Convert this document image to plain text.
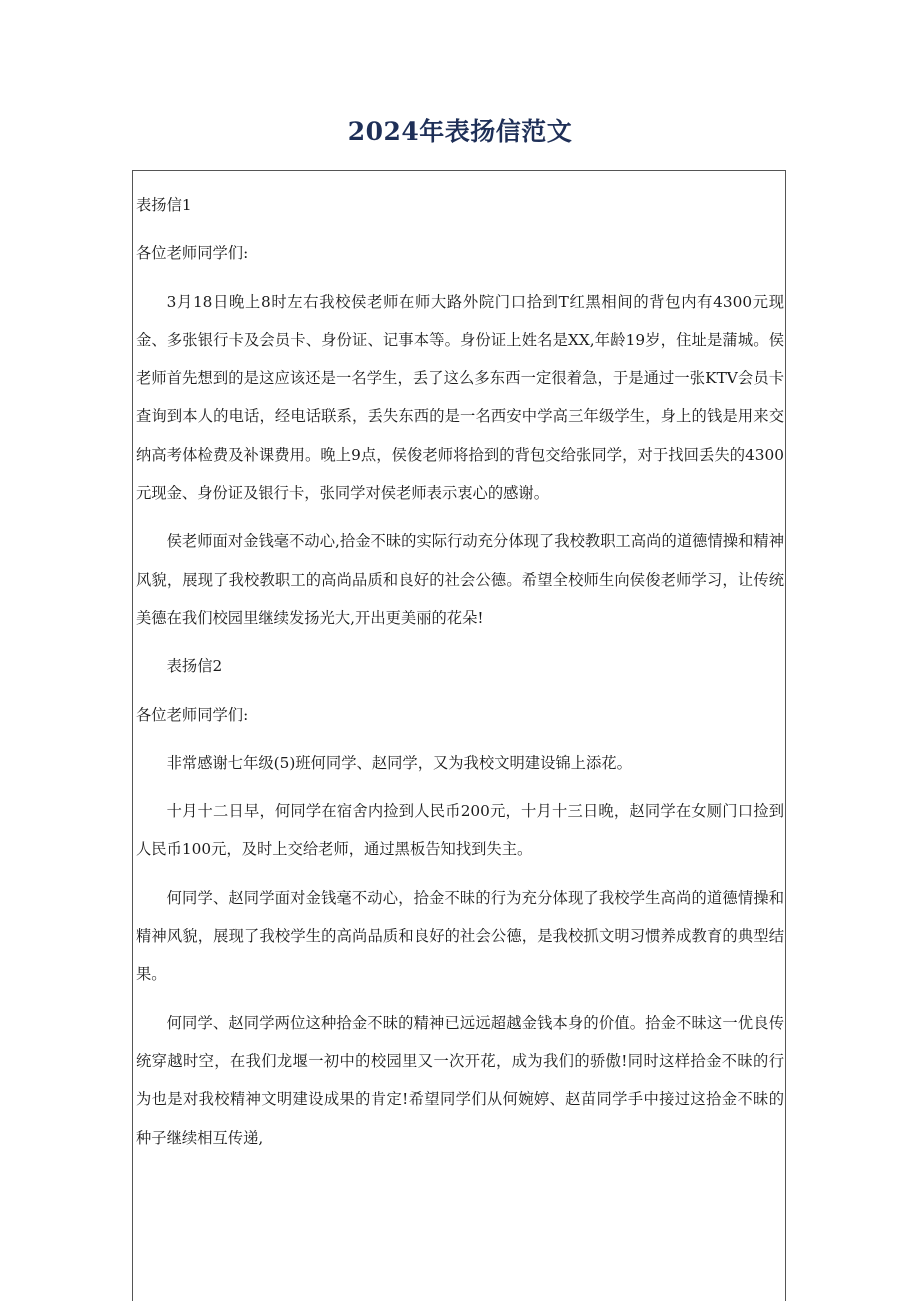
2024年表扬信范文

表扬信1

各位老师同学们:

3月18日晚上8时左右我校侯老师在师大路外院门口拾到T红黑相间的背包内有4300元现金、多张银行卡及会员卡、身份证、记事本等。身份证上姓名是XX,年龄19岁，住址是蒲城。侯老师首先想到的是这应该还是一名学生，丢了这么多东西一定很着急，于是通过一张KTV会员卡查询到本人的电话，经电话联系，丢失东西的是一名西安中学高三年级学生，身上的钱是用来交纳高考体检费及补课费用。晚上9点，侯俊老师将拾到的背包交给张同学，对于找回丢失的4300元现金、身份证及银行卡，张同学对侯老师表示衷心的感谢。

侯老师面对金钱毫不动心,拾金不昧的实际行动充分体现了我校教职工高尚的道德情操和精神风貌，展现了我校教职工的高尚品质和良好的社会公德。希望全校师生向侯俊老师学习，让传统美德在我们校园里继续发扬光大,开出更美丽的花朵!

表扬信2

各位老师同学们:

非常感谢七年级(5)班何同学、赵同学，又为我校文明建设锦上添花。

十月十二日早，何同学在宿舍内捡到人民币200元，十月十三日晚，赵同学在女厕门口捡到人民币100元，及时上交给老师，通过黑板告知找到失主。

何同学、赵同学面对金钱毫不动心，拾金不昧的行为充分体现了我校学生高尚的道德情操和精神风貌，展现了我校学生的高尚品质和良好的社会公德，是我校抓文明习惯养成教育的典型结果。

何同学、赵同学两位这种拾金不昧的精神已远远超越金钱本身的价值。拾金不昧这一优良传统穿越时空，在我们龙堰一初中的校园里又一次开花，成为我们的骄傲!同时这样拾金不昧的行为也是对我校精神文明建设成果的肯定!希望同学们从何婉婷、赵苗同学手中接过这拾金不昧的种子继续相互传递,
